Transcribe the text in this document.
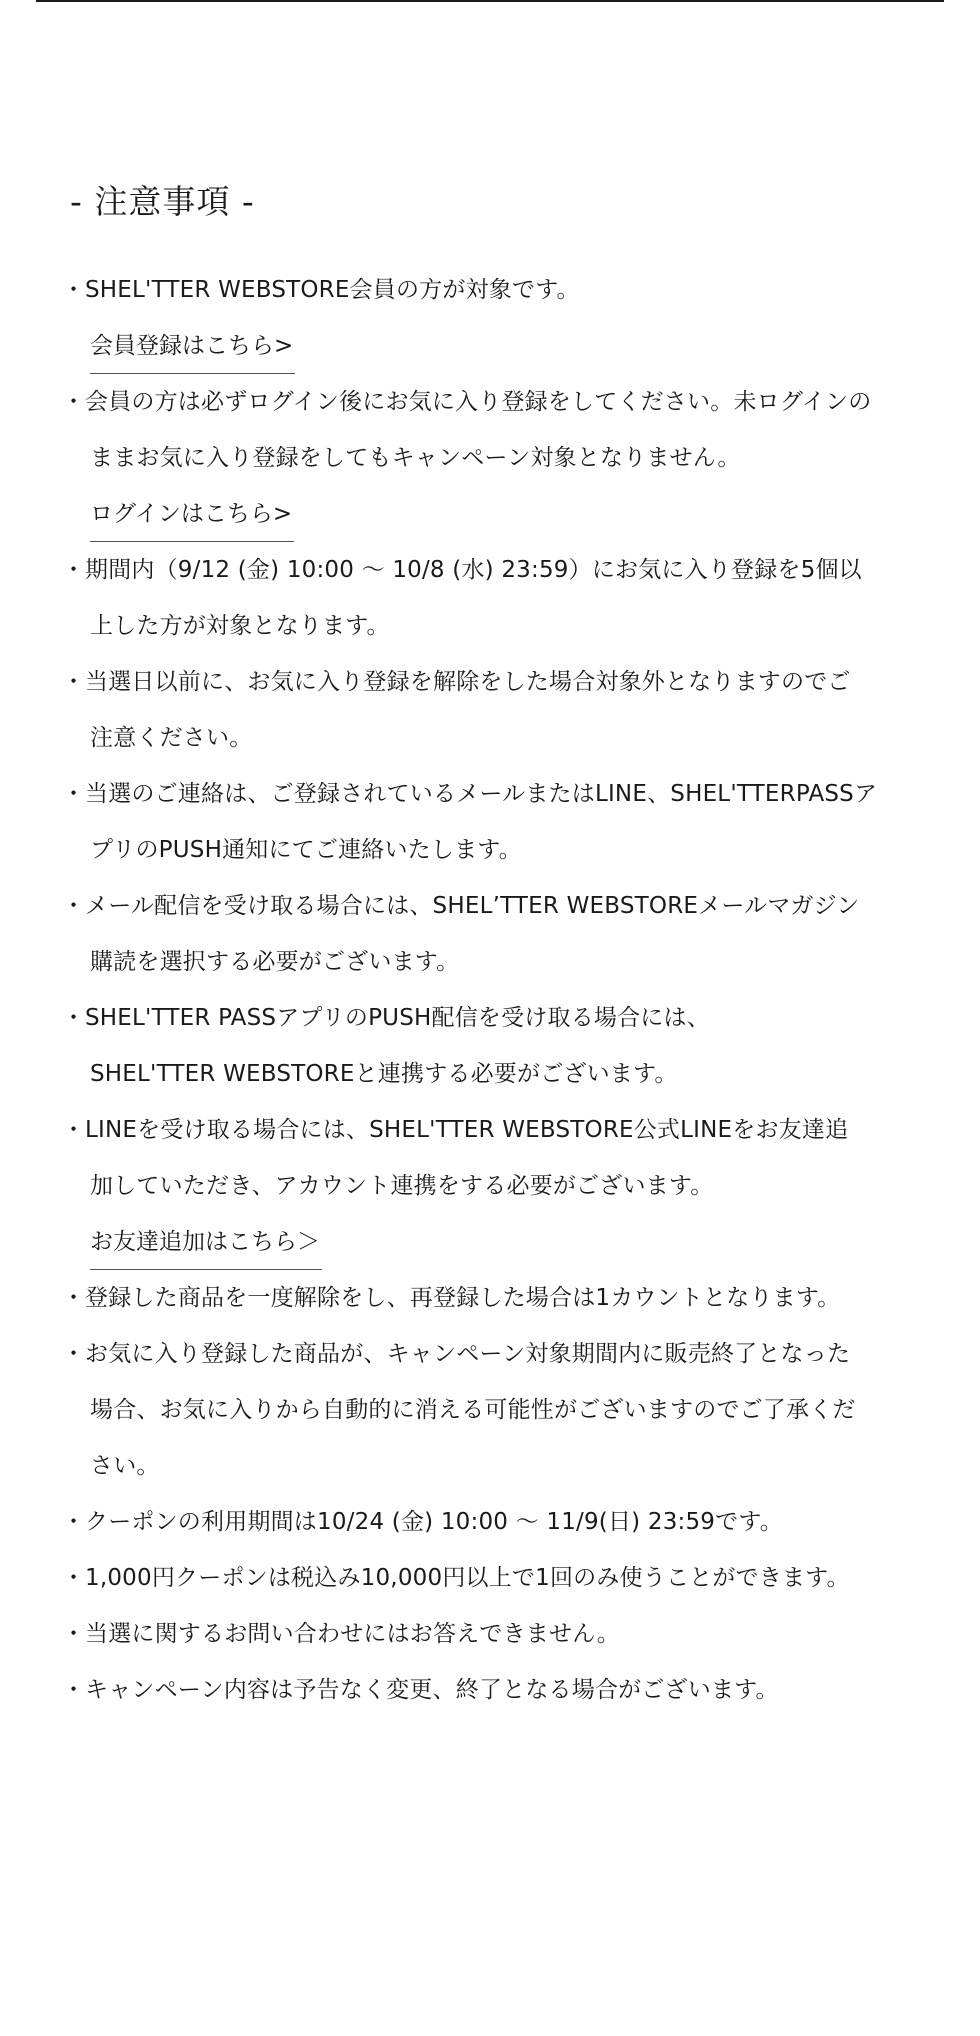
- 注意事項 -
・ SHEL'TTER WEBSTORE会員の方が対象です。
会員登録はこちら>
・ 会員の方は必ずログイン後にお気に入り登録をしてください。未ログインの
ままお気に入り登録をしてもキャンペーン対象となりません。
ログインはこちら>
・ 期間内（9/12 (金) 10:00 〜 10/8 (水) 23:59）にお気に入り登録を5個以
上した方が対象となります。
・ 当選日以前に、お気に入り登録を解除をした場合対象外となりますのでご
注意ください。
・ 当選のご連絡は、ご登録されているメールまたはLINE、SHEL'TTERPASSア
プリのPUSH通知にてご連絡いたします。
・ メール配信を受け取る場合には、SHEL’TTER WEBSTOREメールマガジン
購読を選択する必要がございます。
・ SHEL'TTER PASSアプリのPUSH配信を受け取る場合には、
SHEL'TTER WEBSTOREと連携する必要がございます。
・ LINEを受け取る場合には、SHEL'TTER WEBSTORE公式LINEをお友達追
加していただき、アカウント連携をする必要がございます。
お友達追加はこちら＞
・ 登録した商品を一度解除をし、再登録した場合は1カウントとなります。
・ お気に入り登録した商品が、キャンペーン対象期間内に販売終了となった
場合、お気に入りから自動的に消える可能性がございますのでご了承くだ
さい。
・ クーポンの利用期間は10/24 (金) 10:00 〜 11/9(日) 23:59です。
・ 1,000円クーポンは税込み10,000円以上で1回のみ使うことができます。
・ 当選に関するお問い合わせにはお答えできません。
・ キャンペーン内容は予告なく変更、終了となる場合がございます。
